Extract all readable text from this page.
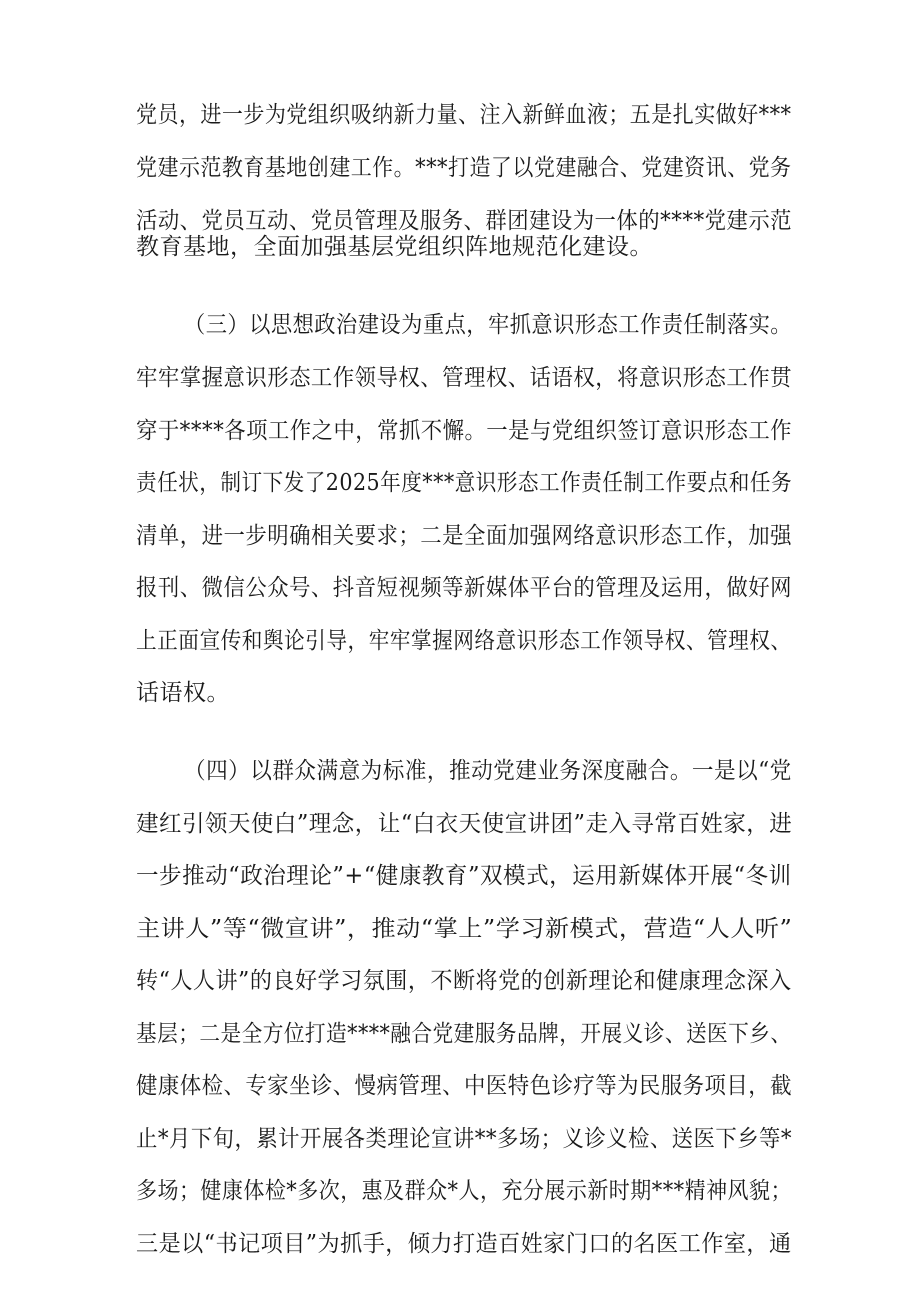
党员，进一步为党组织吸纳新力量、注入新鲜血液；五是扎实做好***
党建示范教育基地创建工作。***打造了以党建融合、党建资讯、党务
活动、党员互动、党员管理及服务、群团建设为一体的****党建示范
教育基地，全面加强基层党组织阵地规范化建设。
（三）以思想政治建设为重点，牢抓意识形态工作责任制落实。
牢牢掌握意识形态工作领导权、管理权、话语权，将意识形态工作贯
穿于****各项工作之中，常抓不懈。一是与党组织签订意识形态工作
责任状，制订下发了2025年度***意识形态工作责任制工作要点和任务
清单，进一步明确相关要求；二是全面加强网络意识形态工作，加强
报刊、微信公众号、抖音短视频等新媒体平台的管理及运用，做好网
上正面宣传和舆论引导，牢牢掌握网络意识形态工作领导权、管理权、
话语权。
（四）以群众满意为标准，推动党建业务深度融合。一是以“党
建红引领天使白”理念，让“白衣天使宣讲团”走入寻常百姓家，进
一步推动“政治理论”+“健康教育”双模式，运用新媒体开展“冬训
主讲人”等“微宣讲”，推动“掌上”学习新模式，营造“人人听”
转“人人讲”的良好学习氛围，不断将党的创新理论和健康理念深入
基层；二是全方位打造****融合党建服务品牌，开展义诊、送医下乡、
健康体检、专家坐诊、慢病管理、中医特色诊疗等为民服务项目，截
止*月下旬，累计开展各类理论宣讲**多场；义诊义检、送医下乡等*
多场；健康体检*多次，惠及群众*人，充分展示新时期***精神风貌；
三是以“书记项目”为抓手，倾力打造百姓家门口的名医工作室，通
